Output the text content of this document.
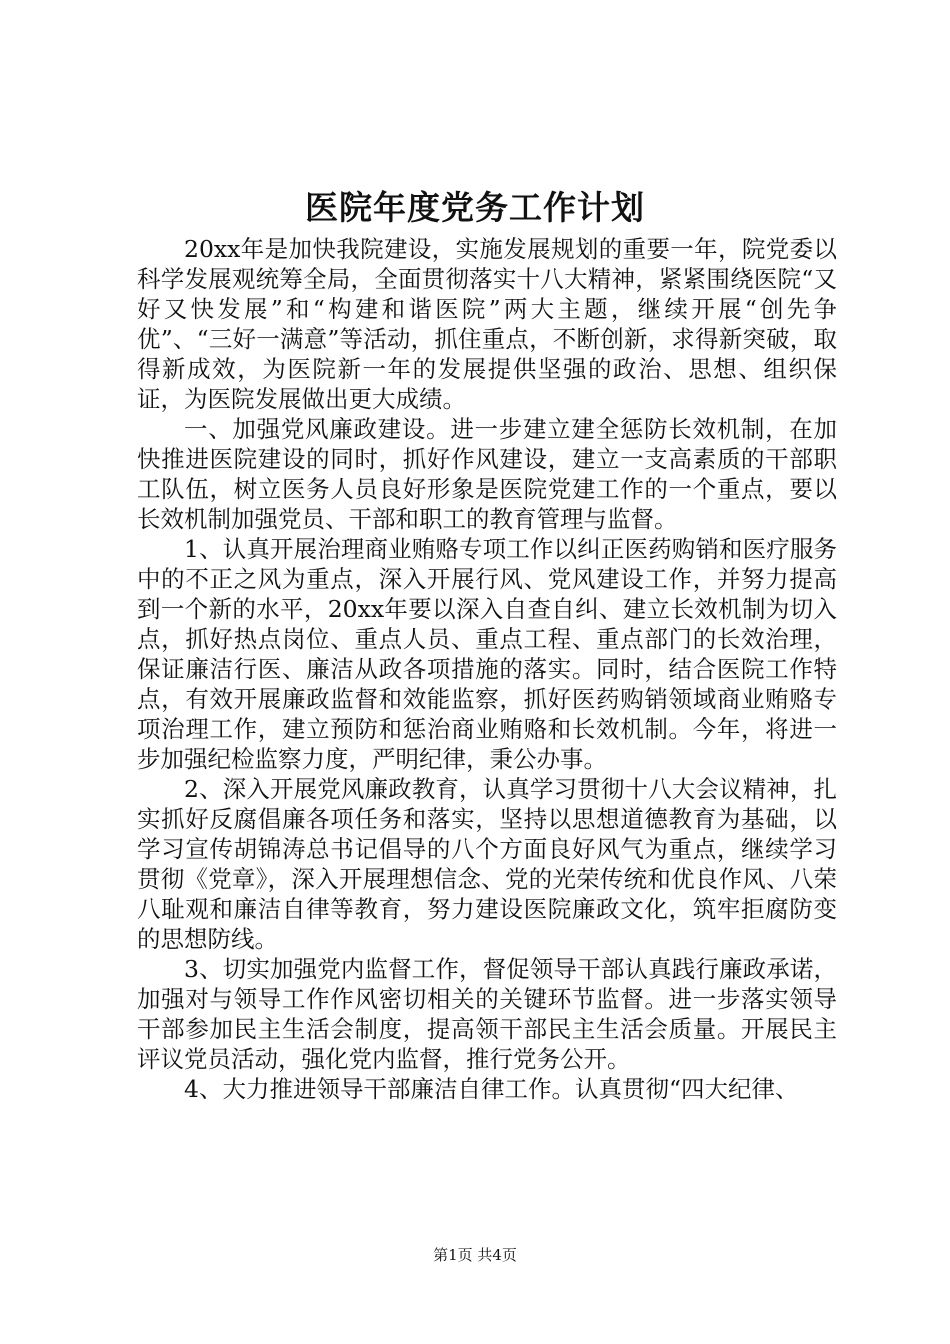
医院年度党务工作计划

20xx年是加快我院建设，实施发展规划的重要一年，院党委以科学发展观统筹全局，全面贯彻落实十八大精神，紧紧围绕医院“又好又快发展”和“构建和谐医院”两大主题，继续开展“创先争优”、“三好一满意”等活动，抓住重点，不断创新，求得新突破，取得新成效，为医院新一年的发展提供坚强的政治、思想、组织保证，为医院发展做出更大成绩。

一、加强党风廉政建设。进一步建立建全惩防长效机制，在加快推进医院建设的同时，抓好作风建设，建立一支高素质的干部职工队伍，树立医务人员良好形象是医院党建工作的一个重点，要以长效机制加强党员、干部和职工的教育管理与监督。

1、认真开展治理商业贿赂专项工作以纠正医药购销和医疗服务中的不正之风为重点，深入开展行风、党风建设工作，并努力提高到一个新的水平，20xx年要以深入自查自纠、建立长效机制为切入点，抓好热点岗位、重点人员、重点工程、重点部门的长效治理，保证廉洁行医、廉洁从政各项措施的落实。同时，结合医院工作特点，有效开展廉政监督和效能监察，抓好医药购销领域商业贿赂专项治理工作，建立预防和惩治商业贿赂和长效机制。今年，将进一步加强纪检监察力度，严明纪律，秉公办事。

2、深入开展党风廉政教育，认真学习贯彻十八大会议精神，扎实抓好反腐倡廉各项任务和落实，坚持以思想道德教育为基础，以学习宣传胡锦涛总书记倡导的八个方面良好风气为重点，继续学习贯彻《党章》，深入开展理想信念、党的光荣传统和优良作风、八荣八耻观和廉洁自律等教育，努力建设医院廉政文化，筑牢拒腐防变的思想防线。

3、切实加强党内监督工作，督促领导干部认真践行廉政承诺，加强对与领导工作作风密切相关的关键环节监督。进一步落实领导干部参加民主生活会制度，提高领干部民主生活会质量。开展民主评议党员活动，强化党内监督，推行党务公开。

4、大力推进领导干部廉洁自律工作。认真贯彻“四大纪律、

第1页 共4页
